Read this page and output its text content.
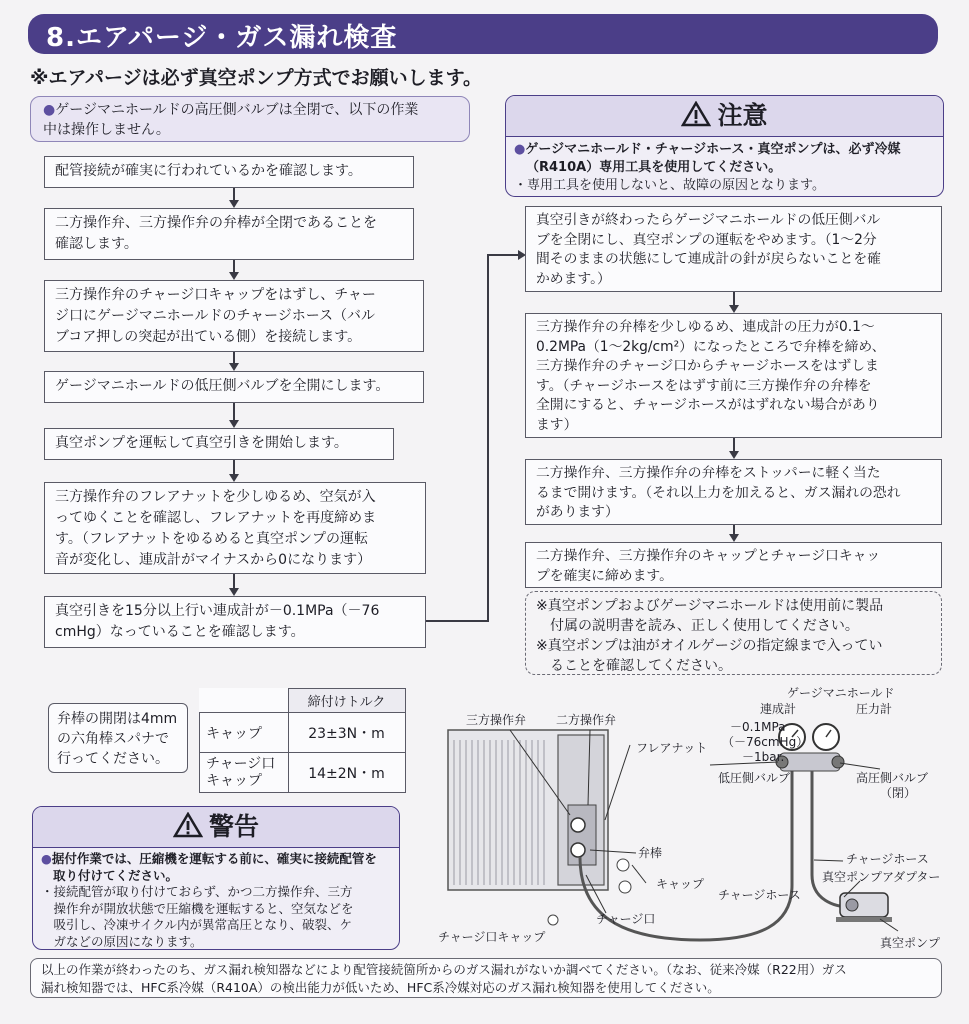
8.エアパージ・ガス漏れ検査
※エアパージは必ず真空ポンプ方式でお願いします。
●ゲージマニホールドの高圧側バルブは全閉で、以下の作業
中は操作しません。
配管接続が確実に行われているかを確認します。
二方操作弁、三方操作弁の弁棒が全閉であることを
確認します。
三方操作弁のチャージ口キャップをはずし、チャー
ジ口にゲージマニホールドのチャージホース（バル
ブコア押しの突起が出ている側）を接続します。
ゲージマニホールドの低圧側バルブを全開にします。
真空ポンプを運転して真空引きを開始します。
三方操作弁のフレアナットを少しゆるめ、空気が入
ってゆくことを確認し、フレアナットを再度締めま
す。（フレアナットをゆるめると真空ポンプの運転
音が変化し、連成計がマイナスから0になります）
真空引きを15分以上行い連成計が－0.1MPa（－76
cmHg）なっていることを確認します。
注意
●ゲージマニホールド・チャージホース・真空ポンプは、必ず冷媒
（R410A）専用工具を使用してください。
・専用工具を使用しないと、故障の原因となります。
真空引きが終わったらゲージマニホールドの低圧側バル
ブを全閉にし、真空ポンプの運転をやめます。（1～2分
間そのままの状態にして連成計の針が戻らないことを確
かめます。）
三方操作弁の弁棒を少しゆるめ、連成計の圧力が0.1～
0.2MPa（1～2kg/cm²）になったところで弁棒を締め、
三方操作弁のチャージ口からチャージホースをはずしま
す。（チャージホースをはずす前に三方操作弁の弁棒を
全開にすると、チャージホースがはずれない場合があり
ます）
二方操作弁、三方操作弁の弁棒をストッパーに軽く当た
るまで開けます。（それ以上力を加えると、ガス漏れの恐れ
があります）
二方操作弁、三方操作弁のキャップとチャージ口キャッ
プを確実に締めます。
※真空ポンプおよびゲージマニホールドは使用前に製品
　付属の説明書を読み、正しく使用してください。
※真空ポンプは油がオイルゲージの指定線まで入ってい
　ることを確認してください。
弁棒の開閉は4mm
の六角棒スパナで
行ってください。
	締付けトルク
キャップ	23±3N・m

チャージ口
キャップ	14±2N・m
警告
●据付作業では、圧縮機を運転する前に、確実に接続配管を
取り付けてください。
・接続配管が取り付けておらず、かつ二方操作弁、三方
　操作弁が開放状態で圧縮機を運転すると、空気などを
　吸引し、冷凍サイクル内が異常高圧となり、破裂、ケ
　ガなどの原因になります。
ゲージマニホールド
連成計	圧力計
－0.1MPa
（－76cmHg）
－1bar.
三方操作弁 二方操作弁
フレアナット
低圧側バルブ	高圧側バルブ
（閉）
弁棒
キャップ
チャージホース
真空ポンプアダプター
チャージホース
チャージ口
チャージ口キャップ	真空ポンプ
以上の作業が終わったのち、ガス漏れ検知器などにより配管接続箇所からのガス漏れがないか調べてください。（なお、従来冷媒（R22用）ガス
漏れ検知器では、HFC系冷媒（R410A）の検出能力が低いため、HFC系冷媒対応のガス漏れ検知器を使用してください。
